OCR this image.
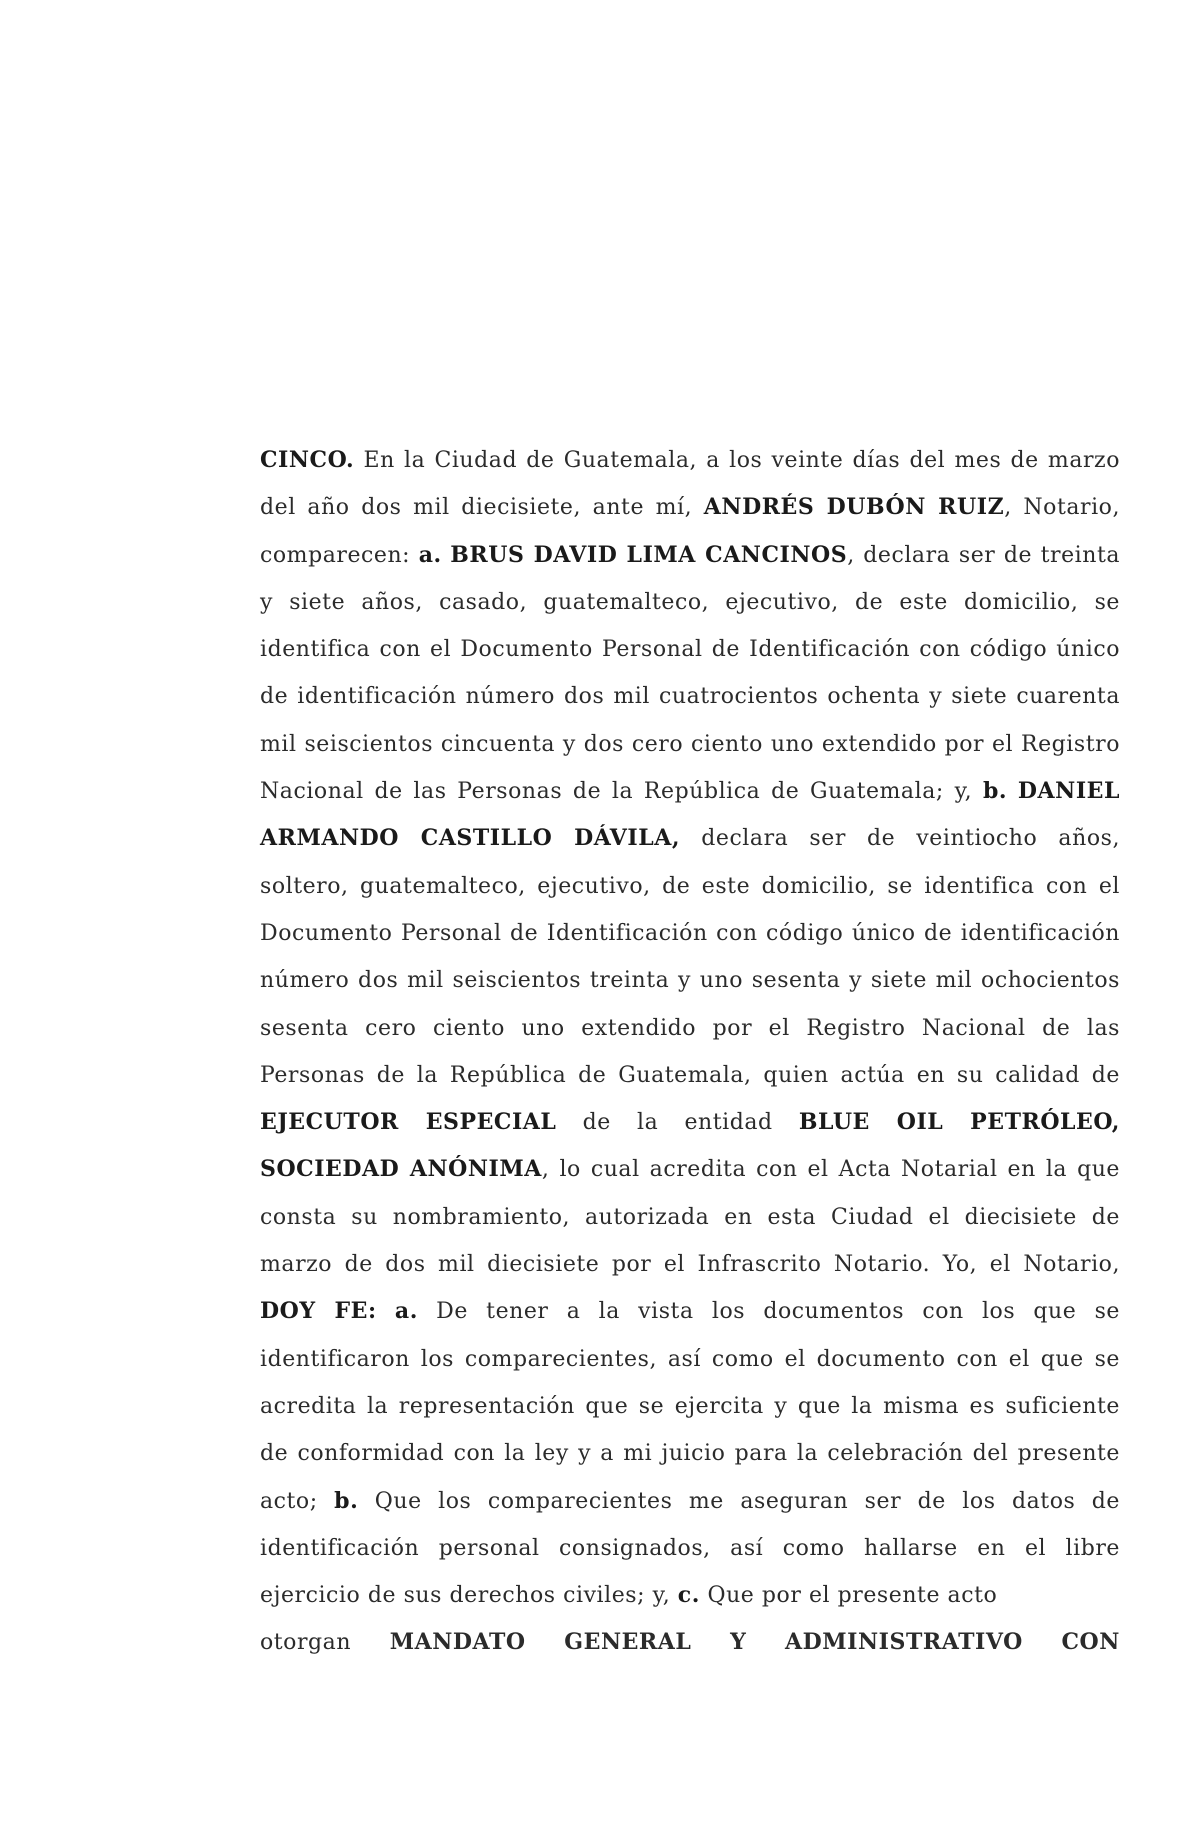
CINCO. En la Ciudad de Guatemala, a los veinte días del mes de marzo del año dos mil diecisiete, ante mí, ANDRÉS DUBÓN RUIZ, Notario, comparecen: a. BRUS DAVID LIMA CANCINOS, declara ser de treinta y siete años, casado, guatemalteco, ejecutivo, de este domicilio, se identifica con el Documento Personal de Identificación con código único de identificación número dos mil cuatrocientos ochenta y siete cuarenta mil seiscientos cincuenta y dos cero ciento uno extendido por el Registro Nacional de las Personas de la República de Guatemala; y, b. DANIEL ARMANDO CASTILLO DÁVILA, declara ser de veintiocho años, soltero, guatemalteco, ejecutivo, de este domicilio, se identifica con el Documento Personal de Identificación con código único de identificación número dos mil seiscientos treinta y uno sesenta y siete mil ochocientos sesenta cero ciento uno extendido por el Registro Nacional de las Personas de la República de Guatemala, quien actúa en su calidad de EJECUTOR ESPECIAL de la entidad BLUE OIL PETRÓLEO, SOCIEDAD ANÓNIMA, lo cual acredita con el Acta Notarial en la que consta su nombramiento, autorizada en esta Ciudad el diecisiete de marzo de dos mil diecisiete por el Infrascrito Notario. Yo, el Notario, DOY FE: a. De tener a la vista los documentos con los que se identificaron los comparecientes, así como el documento con el que se acredita la representación que se ejercita y que la misma es suficiente de conformidad con la ley y a mi juicio para la celebración del presente acto; b. Que los comparecientes me aseguran ser de los datos de identificación personal consignados, así como hallarse en el libre ejercicio de sus derechos civiles; y, c. Que por el presente acto
otorgan MANDATO GENERAL Y ADMINISTRATIVO CON
